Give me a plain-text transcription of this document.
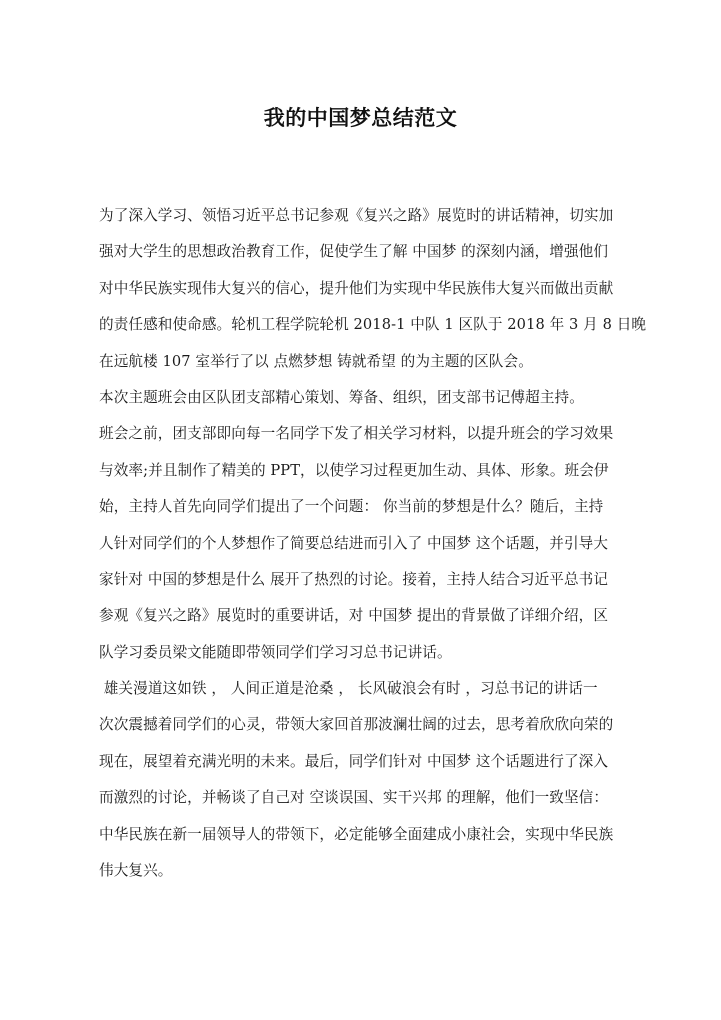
我的中国梦总结范文
为了深入学习、领悟习近平总书记参观《复兴之路》展览时的讲话精神，切实加
强对大学生的思想政治教育工作，促使学生了解 中国梦 的深刻内涵，增强他们
对中华民族实现伟大复兴的信心，提升他们为实现中华民族伟大复兴而做出贡献
的责任感和使命感。轮机工程学院轮机 2018-1 中队 1 区队于 2018 年 3 月 8 日晚
在远航楼 107 室举行了以 点燃梦想 铸就希望 的为主题的区队会。
本次主题班会由区队团支部精心策划、筹备、组织，团支部书记傅超主持。
班会之前，团支部即向每一名同学下发了相关学习材料，以提升班会的学习效果
与效率;并且制作了精美的 PPT，以使学习过程更加生动、具体、形象。班会伊
始，主持人首先向同学们提出了一个问题： 你当前的梦想是什么？随后，主持
人针对同学们的个人梦想作了简要总结进而引入了 中国梦 这个话题，并引导大
家针对 中国的梦想是什么 展开了热烈的讨论。接着，主持人结合习近平总书记
参观《复兴之路》展览时的重要讲话，对 中国梦 提出的背景做了详细介绍，区
队学习委员梁文能随即带领同学们学习习总书记讲话。
雄关漫道这如铁 ， 人间正道是沧桑 ， 长风破浪会有时 ，习总书记的讲话一
次次震撼着同学们的心灵，带领大家回首那波澜壮阔的过去，思考着欣欣向荣的
现在，展望着充满光明的未来。最后，同学们针对 中国梦 这个话题进行了深入
而激烈的讨论，并畅谈了自己对 空谈误国、实干兴邦 的理解，他们一致坚信：
中华民族在新一届领导人的带领下，必定能够全面建成小康社会，实现中华民族
伟大复兴。
